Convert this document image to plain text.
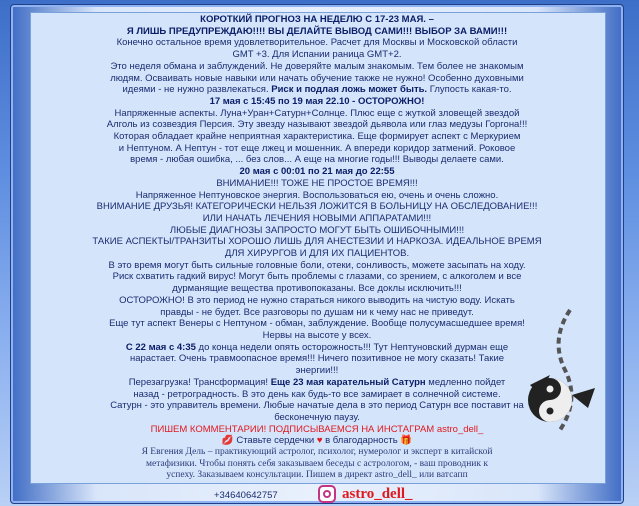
КОРОТКИЙ ПРОГНОЗ НА НЕДЕЛЮ С 17-23 МАЯ. –

Я ЛИШЬ ПРЕДУПРЕЖДАЮ!!!! ВЫ ДЕЛАЙТЕ ВЫВОД САМИ!!! ВЫБОР ЗА ВАМИ!!!

Конечно остальное время удовлетворительное. Расчет для Москвы и Московской области

GMT +3. Для Испании раница GMT+2.

Это неделя обмана и заблуждений. Не доверяйте малым знакомым. Тем более не знакомым

людям. Осваивать новые навыки или начать обучение также не нужно! Особенно духовными

идеями - не нужно развлекаться. Риск и подлая ложь может быть. Глупость какая-то.

17 мая с 15:45 по 19 мая 22.10 - ОСТОРОЖНО!

Напряженные аспекты. Луна+Уран+Сатурн+Солнце. Плюс еще с жуткой зловещей звездой

Алголь из созвездия Персия. Эту звезду называют звездой дьявола или глаз медузы Горгона!!!

Которая обладает крайне неприятная характеристика. Еще формирует аспект с Меркурием

и Нептуном. А Нептун - тот еще лжец и мошенник. А впереди коридор затмений. Роковое

время - любая ошибка, ... без слов... А еще на многие годы!!! Выводы делаете сами.

20 мая с 00:01 по 21 мая до 22:55

ВНИМАНИЕ!!! ТОЖЕ НЕ ПРОСТОЕ ВРЕМЯ!!!

Напряженное Нептуновское энергия. Воспользоваться ею, очень и очень сложно.

ВНИМАНИЕ ДРУЗЬЯ! КАТЕГОРИЧЕСКИ НЕЛЬЗЯ ЛОЖИТСЯ В БОЛЬНИЦУ НА ОБСЛЕДОВАНИЕ!!!

ИЛИ НАЧАТЬ ЛЕЧЕНИЯ НОВЫМИ АППАРАТАМИ!!!

ЛЮБЫЕ ДИАГНОЗЫ ЗАПРОСТО МОГУТ БЫТЬ ОШИБОЧНЫМИ!!!

ТАКИЕ АСПЕКТЫ/ТРАНЗИТЫ ХОРОШО ЛИШЬ ДЛЯ АНЕСТЕЗИИ И НАРКОЗА. ИДЕАЛЬНОЕ ВРЕМЯ

ДЛЯ ХИРУРГОВ И ДЛЯ ИХ ПАЦИЕНТОВ.

В это время могут быть сильные головные боли, отеки, сонливость, можете засыпать на ходу.

Риск схватить гадкий вирус! Могут быть проблемы с глазами, со зрением, с алкоголем и все

дурманящие вещества противопоказаны. Все доклы исключить!!!

ОСТОРОЖНО! В это период не нужно стараться никого выводить на чистую воду. Искать

правды - не будет. Все разговоры по душам ни к чему нас не приведут.

Еще тут аспект Венеры с Нептуном - обман, заблуждение. Вообще полусумасшедшее время!

Нервы на высоте у всех.

С 22 мая с 4:35 до конца недели опять осторожность!!! Тут Нептуновский дурман еще

нарастает. Очень травмоопасное время!!! Ничего позитивное не могу сказать! Такие

энергии!!!

Перезагрузка! Трансформация! Еще 23 мая карательный Сатурн медленно пойдет

назад - ретроградность. В это день как будь-то все замирает в солнечной системе.

Сатурн - это управитель времени. Любые начатые дела в это период Сатурн все поставит на

бесконечную паузу.

ПИШЕМ КОММЕНТАРИИ! ПОДПИСЫВАЕМСЯ НА ИНСТАГРАМ astro_dell_

💋 Ставьте сердечки ♥ в благодарность 🎁

Я Евгения Дель – практикующий астролог, психолог, нумеролог и эксперт в китайской

метафизики. Чтобы понять себя заказываем беседы с астрологом, - ваш проводник к

успеху. Заказываем консультации. Пишем в директ astro_dell_ или ватсапп

+34640642757	astro_dell_
